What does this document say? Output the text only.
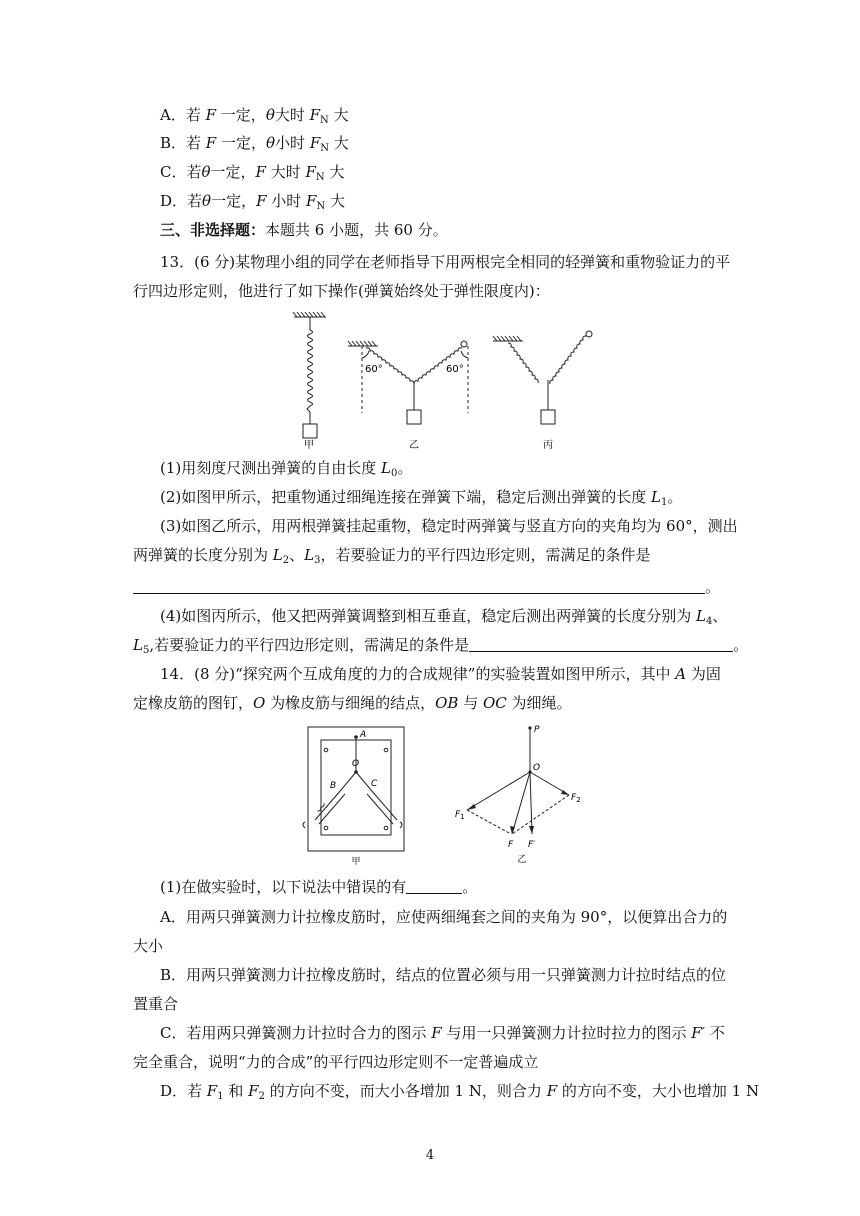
A．若 F 一定，θ大时 $F_N$ 大
B．若 F 一定，θ小时 $F_N$ 大
C．若θ一定，F 大时 $F_N$ 大
D．若θ一定，F 小时 $F_N$ 大
三、非选择题：本题共 6 小题，共 60 分。
13．(6 分)某物理小组的同学在老师指导下用两根完全相同的轻弹簧和重物验证力的平
行四边形定则，他进行了如下操作(弹簧始终处于弹性限度内)：
甲	乙	丙
60°	60°
(1)用刻度尺测出弹簧的自由长度 $L_0$。
(2)如图甲所示，把重物通过细绳连接在弹簧下端，稳定后测出弹簧的长度 $L_1$。
(3)如图乙所示，用两根弹簧挂起重物，稳定时两弹簧与竖直方向的夹角均为 60°，测出
两弹簧的长度分别为 $L_2$、$L_3$，若要验证力的平行四边形定则，需满足的条件是
。
(4)如图丙所示，他又把两弹簧调整到相互垂直，稳定后测出两弹簧的长度分别为 $L_4$、
$L_5$,若要验证力的平行四边形定则，需满足的条件是	。
14．(8 分)“探究两个互成角度的力的合成规律”的实验装置如图甲所示，其中 A 为固
定橡皮筋的图钉，O 为橡皮筋与细绳的结点，OB 与 OC 为细绳。
A
O
B	C
甲
P
O
$F_1$
$F_2$
F F′
乙
(1)在做实验时，以下说法中错误的有	。
A．用两只弹簧测力计拉橡皮筋时，应使两细绳套之间的夹角为 90°，以便算出合力的
大小
B．用两只弹簧测力计拉橡皮筋时，结点的位置必须与用一只弹簧测力计拉时结点的位
置重合
C．若用两只弹簧测力计拉时合力的图示 F 与用一只弹簧测力计拉时拉力的图示 F′ 不
完全重合，说明“力的合成”的平行四边形定则不一定普遍成立
D．若 $F_1$ 和 $F_2$ 的方向不变，而大小各增加 1 N，则合力 F 的方向不变，大小也增加 1 N
4
